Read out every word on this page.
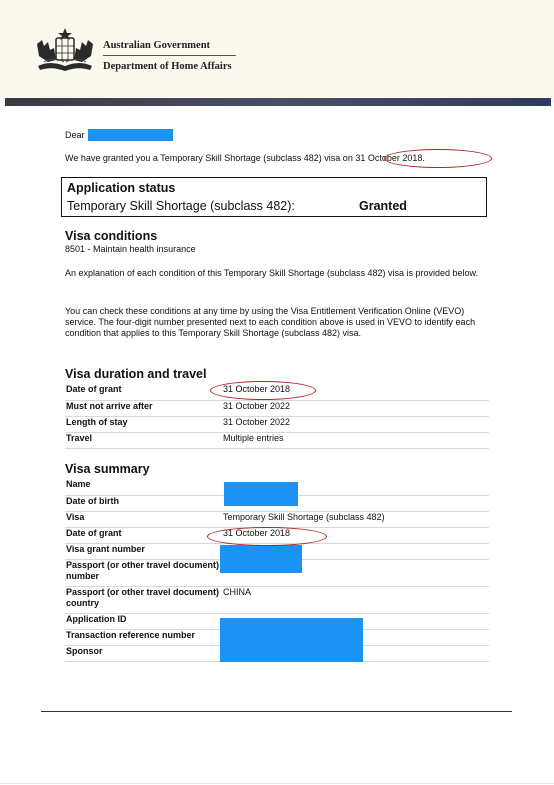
Australian Government
Department of Home Affairs
Dear
We have granted you a Temporary Skill Shortage (subclass 482) visa on 31 October 2018.
Application status
Temporary Skill Shortage (subclass 482):	Granted
Visa conditions
8501 - Maintain health insurance
An explanation of each condition of this Temporary Skill Shortage (subclass 482) visa is provided below.
You can check these conditions at any time by using the Visa Entitlement Verification Online (VEVO) service. The four-digit number presented next to each condition above is used in VEVO to identify each condition that applies to this Temporary Skill Shortage (subclass 482) visa.
Visa duration and travel
Date of grant	31 October 2018
Must not arrive after	31 October 2022
Length of stay	31 October 2022
Travel	Multiple entries
Visa summary
Name	
Date of birth	
Visa	Temporary Skill Shortage (subclass 482)
Date of grant	31 October 2018
Visa grant number	
Passport (or other travel document) number	
Passport (or other travel document) country	CHINA
Application ID	
Transaction reference number	
Sponsor	
